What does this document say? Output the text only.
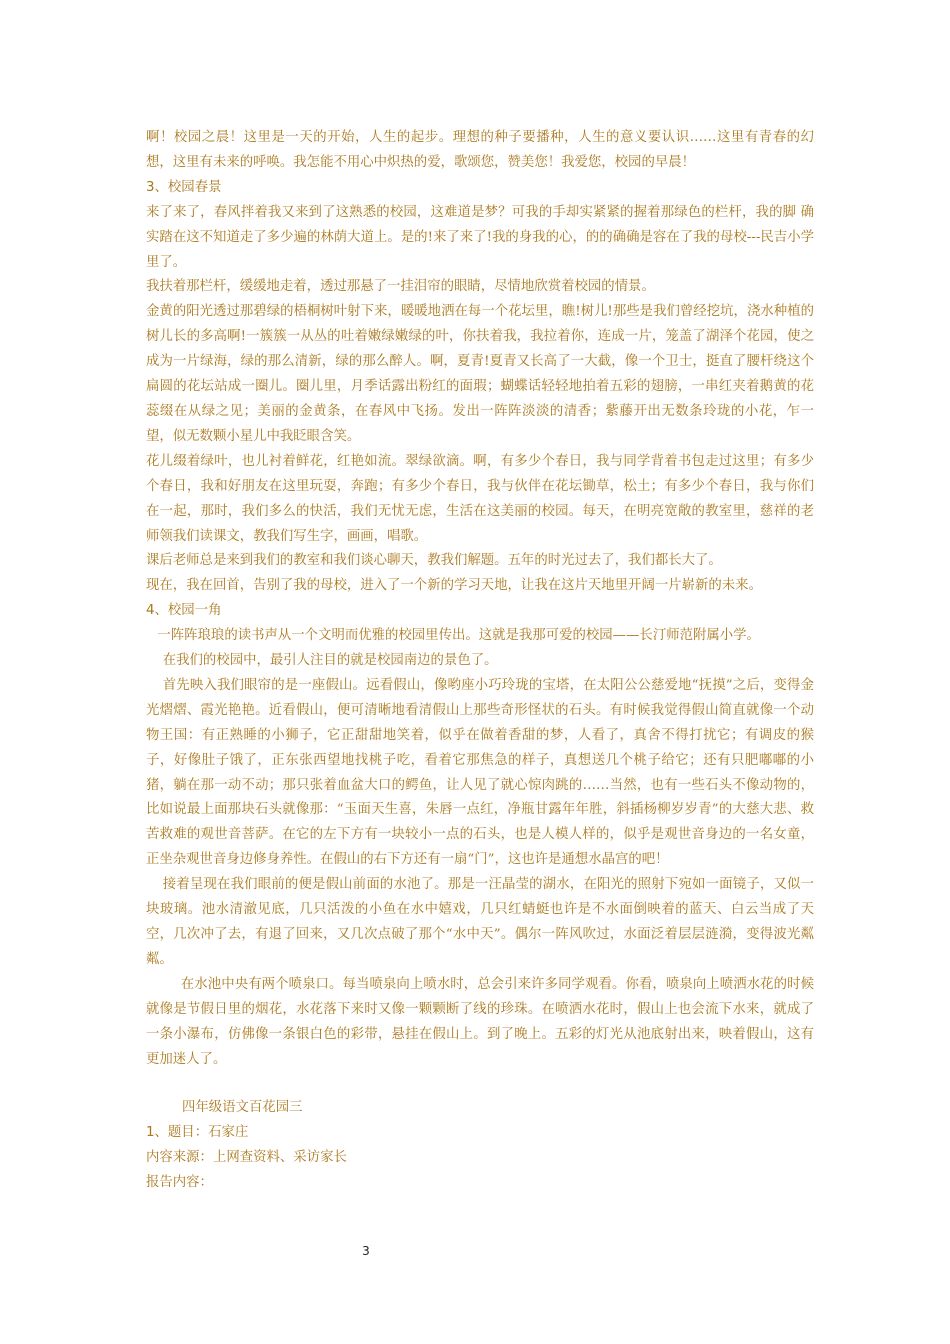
啊！校园之晨！这里是一天的开始，人生的起步。理想的种子要播种，人生的意义要认识……这里有青春的幻想，这里有未来的呼唤。我怎能不用心中炽热的爱，歌颂您，赞美您！我爱您，校园的早晨！

3、校园春景

来了来了，春风拌着我又来到了这熟悉的校园，这难道是梦？可我的手却实紧紧的握着那绿色的栏杆，我的脚 确实踏在这不知道走了多少遍的林荫大道上。是的!来了来了!我的身我的心，的的确确是容在了我的母校---民吉小学里了。

我扶着那栏杆，缓缓地走着，透过那悬了一挂泪帘的眼睛，尽情地欣赏着校园的情景。

金黄的阳光透过那碧绿的梧桐树叶射下来，暖暖地洒在每一个花坛里，瞧!树儿!那些是我们曾经挖坑，浇水种植的树儿长的多高啊!一簇簇一从丛的吐着嫩绿嫩绿的叶，你扶着我，我拉着你，连成一片，笼盖了湖泽个花园，使之成为一片绿海，绿的那么清新，绿的那么醉人。啊，夏青!夏青又长高了一大截，像一个卫士，挺直了腰杆绕这个扁圆的花坛站成一圈儿。圈儿里，月季话露出粉红的面瑕；蝴蝶话轻轻地拍着五彩的翅膀，一串红夹着鹅黄的花蕊缀在从绿之见；美丽的金黄条，在春风中飞扬。发出一阵阵淡淡的清香；紫藤开出无数条玲珑的小花，乍一望，似无数颗小星儿中我眨眼含笑。

花儿缀着绿叶，也儿衬着鲜花，红艳如流。翠绿欲滴。啊，有多少个春日，我与同学背着书包走过这里；有多少个春日，我和好朋友在这里玩耍，奔跑；有多少个春日，我与伙伴在花坛锄草，松土；有多少个春日，我与你们在一起，那时，我们多么的快活，我们无忧无虑，生活在这美丽的校园。每天，在明亮宽敞的教室里，慈祥的老师领我们读课文，教我们写生字，画画，唱歌。

课后老师总是来到我们的教室和我们谈心聊天，教我们解题。五年的时光过去了，我们都长大了。

现在，我在回首，告别了我的母校，进入了一个新的学习天地，让我在这片天地里开阔一片崭新的未来。

4、校园一角

一阵阵琅琅的读书声从一个文明而优雅的校园里传出。这就是我那可爱的校园——长汀师范附属小学。

在我们的校园中，最引人注目的就是校园南边的景色了。

首先映入我们眼帘的是一座假山。远看假山，像哟座小巧玲珑的宝塔，在太阳公公慈爱地“抚摸”之后，变得金光熠熠、霞光艳艳。近看假山，便可清晰地看清假山上那些奇形怪状的石头。有时候我觉得假山简直就像一个动物王国：有正熟睡的小狮子，它正甜甜地笑着，似乎在做着香甜的梦，人看了，真舍不得打扰它；有调皮的猴子，好像肚子饿了，正东张西望地找桃子吃，看着它那焦急的样子，真想送几个桃子给它；还有只肥嘟嘟的小猪，躺在那一动不动；那只张着血盆大口的鳄鱼，让人见了就心惊肉跳的……当然，也有一些石头不像动物的，比如说最上面那块石头就像那：“玉面天生喜，朱唇一点红，净瓶甘露年年胜，斜插杨柳岁岁青”的大慈大悲、救苦救难的观世音菩萨。在它的左下方有一块较小一点的石头，也是人模人样的，似乎是观世音身边的一名女童，正坐杂观世音身边修身养性。在假山的右下方还有一扇“门”，这也许是通想水晶宫的吧！

接着呈现在我们眼前的便是假山前面的水池了。那是一汪晶莹的湖水，在阳光的照射下宛如一面镜子，又似一块玻璃。池水清澈见底，几只活泼的小鱼在水中嬉戏，几只红蜻蜓也许是不水面倒映着的蓝天、白云当成了天空，几次冲了去，有退了回来，又几次点破了那个“水中天”。偶尔一阵风吹过，水面泛着层层涟漪，变得波光粼粼。

在水池中央有两个喷泉口。每当喷泉向上喷水时，总会引来许多同学观看。你看，喷泉向上喷洒水花的时候就像是节假日里的烟花，水花落下来时又像一颗颗断了线的珍珠。在喷洒水花时，假山上也会流下水来，就成了一条小瀑布，仿佛像一条银白色的彩带，悬挂在假山上。到了晚上。五彩的灯光从池底射出来，映着假山，这有更加迷人了。

四年级语文百花园三

1、题目：石家庄

内容来源：上网查资料、采访家长

报告内容：

3
